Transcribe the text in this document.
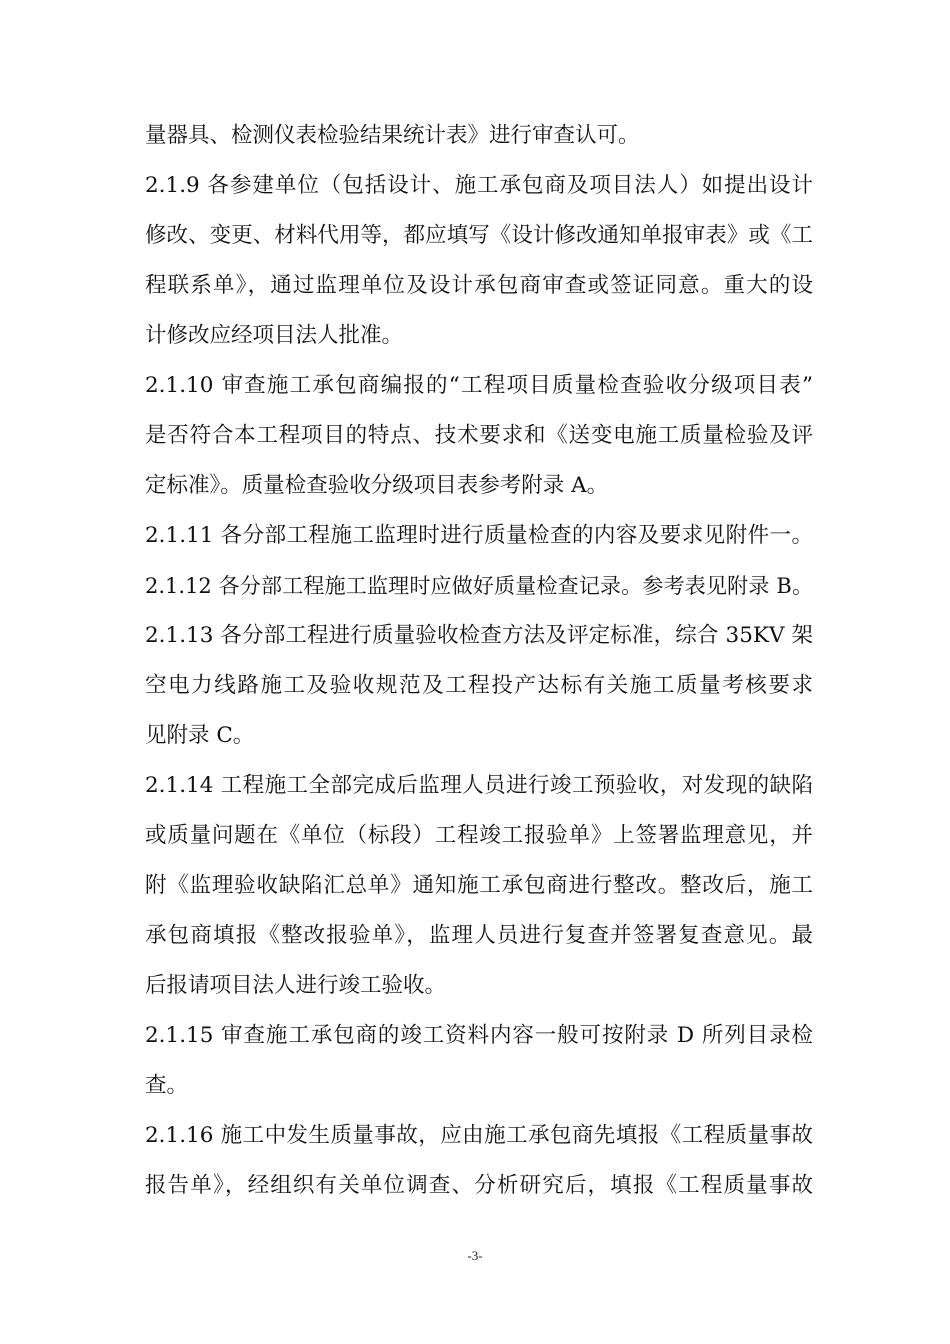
量器具、检测仪表检验结果统计表》进行审查认可。
2.1.9 各参建单位（包括设计、施工承包商及项目法人）如提出设计
修改、变更、材料代用等，都应填写《设计修改通知单报审表》或《工
程联系单》，通过监理单位及设计承包商审查或签证同意。重大的设
计修改应经项目法人批准。
2.1.10 审查施工承包商编报的“工程项目质量检查验收分级项目表”
是否符合本工程项目的特点、技术要求和《送变电施工质量检验及评
定标准》。质量检查验收分级项目表参考附录 A。
2.1.11 各分部工程施工监理时进行质量检查的内容及要求见附件一。
2.1.12 各分部工程施工监理时应做好质量检查记录。参考表见附录 B。
2.1.13 各分部工程进行质量验收检查方法及评定标准，综合 35KV 架
空电力线路施工及验收规范及工程投产达标有关施工质量考核要求
见附录 C。
2.1.14 工程施工全部完成后监理人员进行竣工预验收，对发现的缺陷
或质量问题在《单位（标段）工程竣工报验单》上签署监理意见，并
附《监理验收缺陷汇总单》通知施工承包商进行整改。整改后，施工
承包商填报《整改报验单》，监理人员进行复查并签署复查意见。最
后报请项目法人进行竣工验收。
2.1.15 审查施工承包商的竣工资料内容一般可按附录 D 所列目录检
查。
2.1.16 施工中发生质量事故，应由施工承包商先填报《工程质量事故
报告单》，经组织有关单位调查、分析研究后，填报《工程质量事故
-3-
